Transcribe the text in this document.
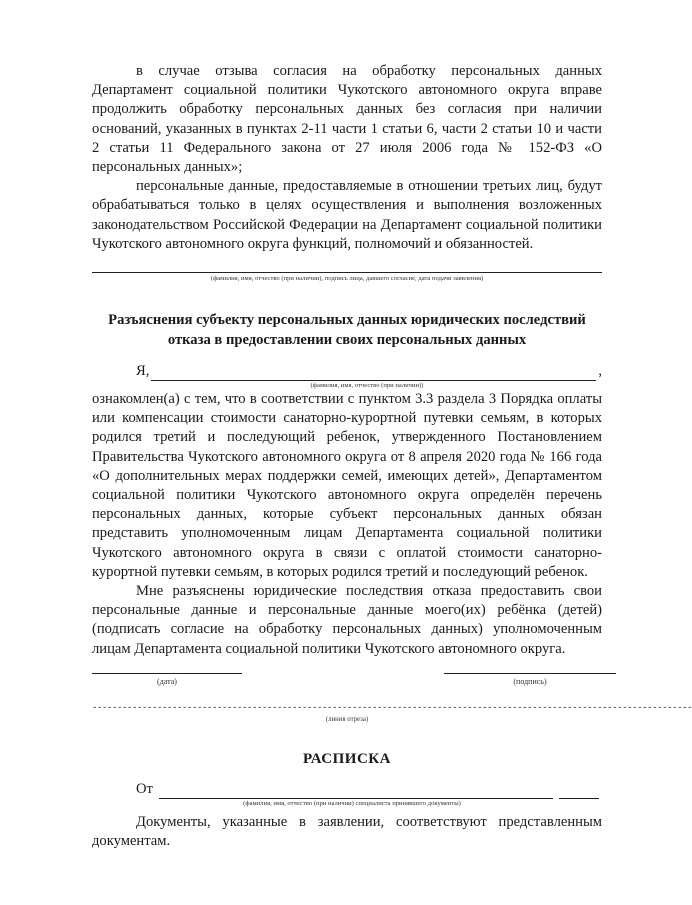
в случае отзыва согласия на обработку персональных данных Департамент социальной политики Чукотского автономного округа вправе продолжить обработку персональных данных без согласия при наличии оснований, указанных в пунктах 2-11 части 1 статьи 6, части 2 статьи 10 и части 2 статьи 11 Федерального закона от 27 июля 2006 года № 152-ФЗ «О персональных данных»;

персональные данные, предоставляемые в отношении третьих лиц, будут обрабатываться только в целях осуществления и выполнения возложенных законодательством Российской Федерации на Департамент социальной политики Чукотского автономного округа функций, полномочий и обязанностей.

(фамилия, имя, отчество (при наличии), подпись лица, давшего согласие, дата подачи заявления)
Разъяснения субъекту персональных данных юридических последствий отказа в предоставлении своих персональных данных
Я,	,
(фамилия, имя, отчество (при наличии))

ознакомлен(а) с тем, что в соответствии с пунктом 3.3 раздела 3 Порядка оплаты или компенсации стоимости санаторно-курортной путевки семьям, в которых родился третий и последующий ребенок, утвержденного Постановлением Правительства Чукотского автономного округа от 8 апреля 2020 года № 166 года «О дополнительных мерах поддержки семей, имеющих детей», Департаментом социальной политики Чукотского автономного округа определён перечень персональных данных, которые субъект персональных данных обязан представить уполномоченным лицам Департамента социальной политики Чукотского автономного округа в связи с оплатой стоимости санаторно-курортной путевки семьям, в которых родился третий и последующий ребенок.

Мне разъяснены юридические последствия отказа предоставить свои персональные данные и персональные данные моего(их) ребёнка (детей) (подписать согласие на обработку персональных данных) уполномоченным лицам Департамента социальной политики Чукотского автономного округа.

(дата)	(подпись)
------------------------------------------------------------------------------------------------------------------------
(линия отреза)
РАСПИСКА
От
(фамилия, имя, отчество (при наличии) специалиста принявшего документы)

Документы, указанные в заявлении, соответствуют представленным документам.
